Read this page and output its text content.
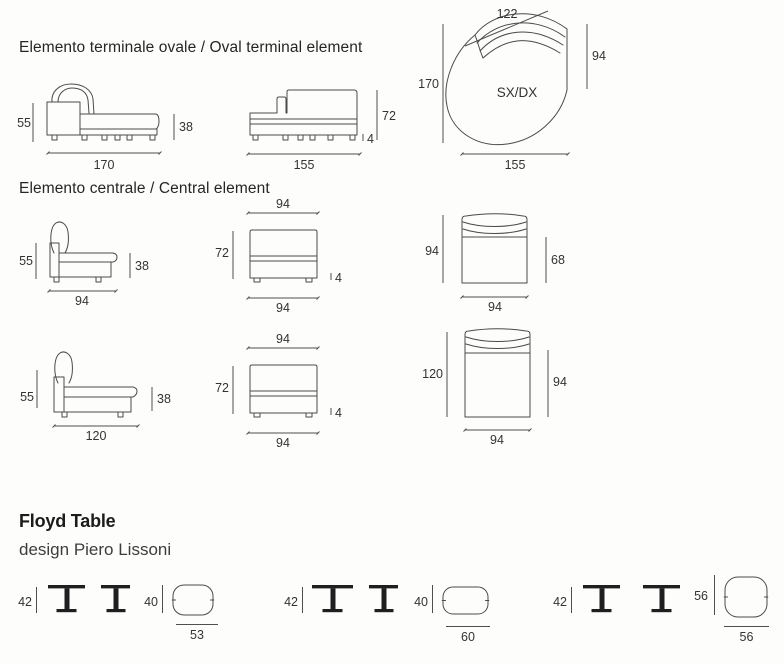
Elemento terminale ovale / Oval terminal element
55	38
170
72
4
155
122
170
94
SX/DX
155
Elemento centrale / Central element
55	38
94
94
72
4
94
94
68
94
55	38
120
94
72
4
94
120
94
94
Floyd Table
design Piero Lissoni
42	40
53
42	40
60
42	56
56
